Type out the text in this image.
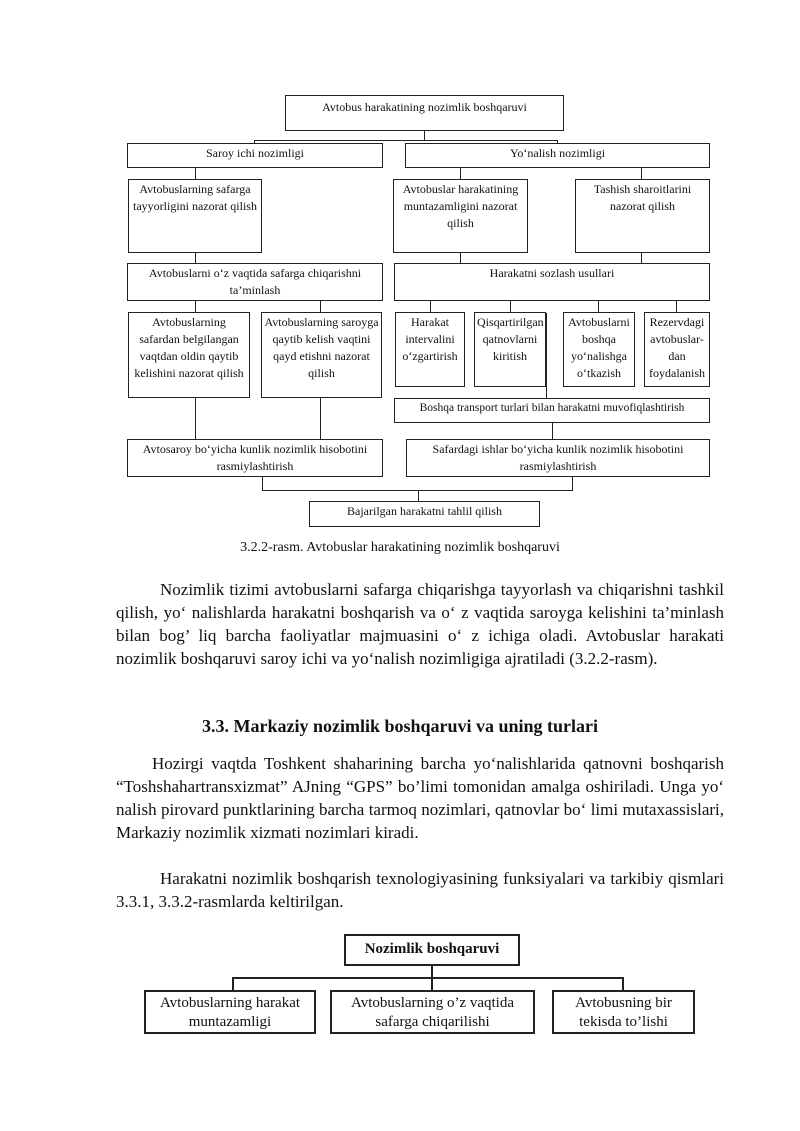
Avtobus harakatining nozimlik boshqaruvi
Saroy ichi nozimligi	Yo‘nalish nozimligi
Avtobuslarning safarga tayyorligini nazorat qilish
Avtobuslar harakatining muntazamligini nazorat qilish
Tashish sharoitlarini nazorat qilish
Avtobuslarni o‘z vaqtida safarga chiqarishni ta’minlash
Harakatni sozlash usullari
Avtobuslarning safardan belgilangan vaqtdan oldin qaytib kelishini nazorat qilish
Avtobuslarning saroyga qaytib kelish vaqtini qayd etishni nazorat qilish
Harakat intervalini o‘zgartirish
Qisqartirilgan qatnovlarni kiritish
Avtobuslarni boshqa yo‘nalishga o‘tkazish
Rezervdagi avtobuslar-dan foydalanish
Boshqa transport turlari bilan harakatni muvofiqlashtirish
Avtosaroy bo‘yicha kunlik nozimlik hisobotini rasmiylashtirish
Safardagi ishlar bo‘yicha kunlik nozimlik hisobotini rasmiylashtirish
Bajarilgan harakatni tahlil qilish
3.2.2-rasm. Avtobuslar harakatining nozimlik boshqaruvi

Nozimlik tizimi avtobuslarni safarga chiqarishga tayyorlash va chiqarishni tashkil qilish, yo‘ nalishlarda harakatni boshqarish va o‘ z vaqtida saroyga kelishini ta’minlash bilan bog’ liq barcha faoliyatlar majmuasini o‘ z ichiga oladi. Avtobuslar harakati nozimlik boshqaruvi saroy ichi va yo‘nalish nozimligiga ajratiladi (3.2.2-rasm).

3.3. Markaziy nozimlik boshqaruvi va uning turlari

Hozirgi vaqtda Toshkent shaharining barcha yo‘nalishlarida qatnovni boshqarish “Toshshahartransxizmat” AJning “GPS” bo’limi tomonidan amalga oshiriladi. Unga yo‘ nalish pirovard punktlarining barcha tarmoq nozimlari, qatnovlar bo‘ limi mutaxassislari, Markaziy nozimlik xizmati nozimlari kiradi.

Harakatni nozimlik boshqarish texnologiyasining funksiyalari va tarkibiy qismlari 3.3.1, 3.3.2-rasmlarda keltirilgan.

Nozimlik boshqaruvi
Avtobuslarning harakat muntazamligi
Avtobuslarning o’z vaqtida safarga chiqarilishi
Avtobusning bir tekisda to’lishi
